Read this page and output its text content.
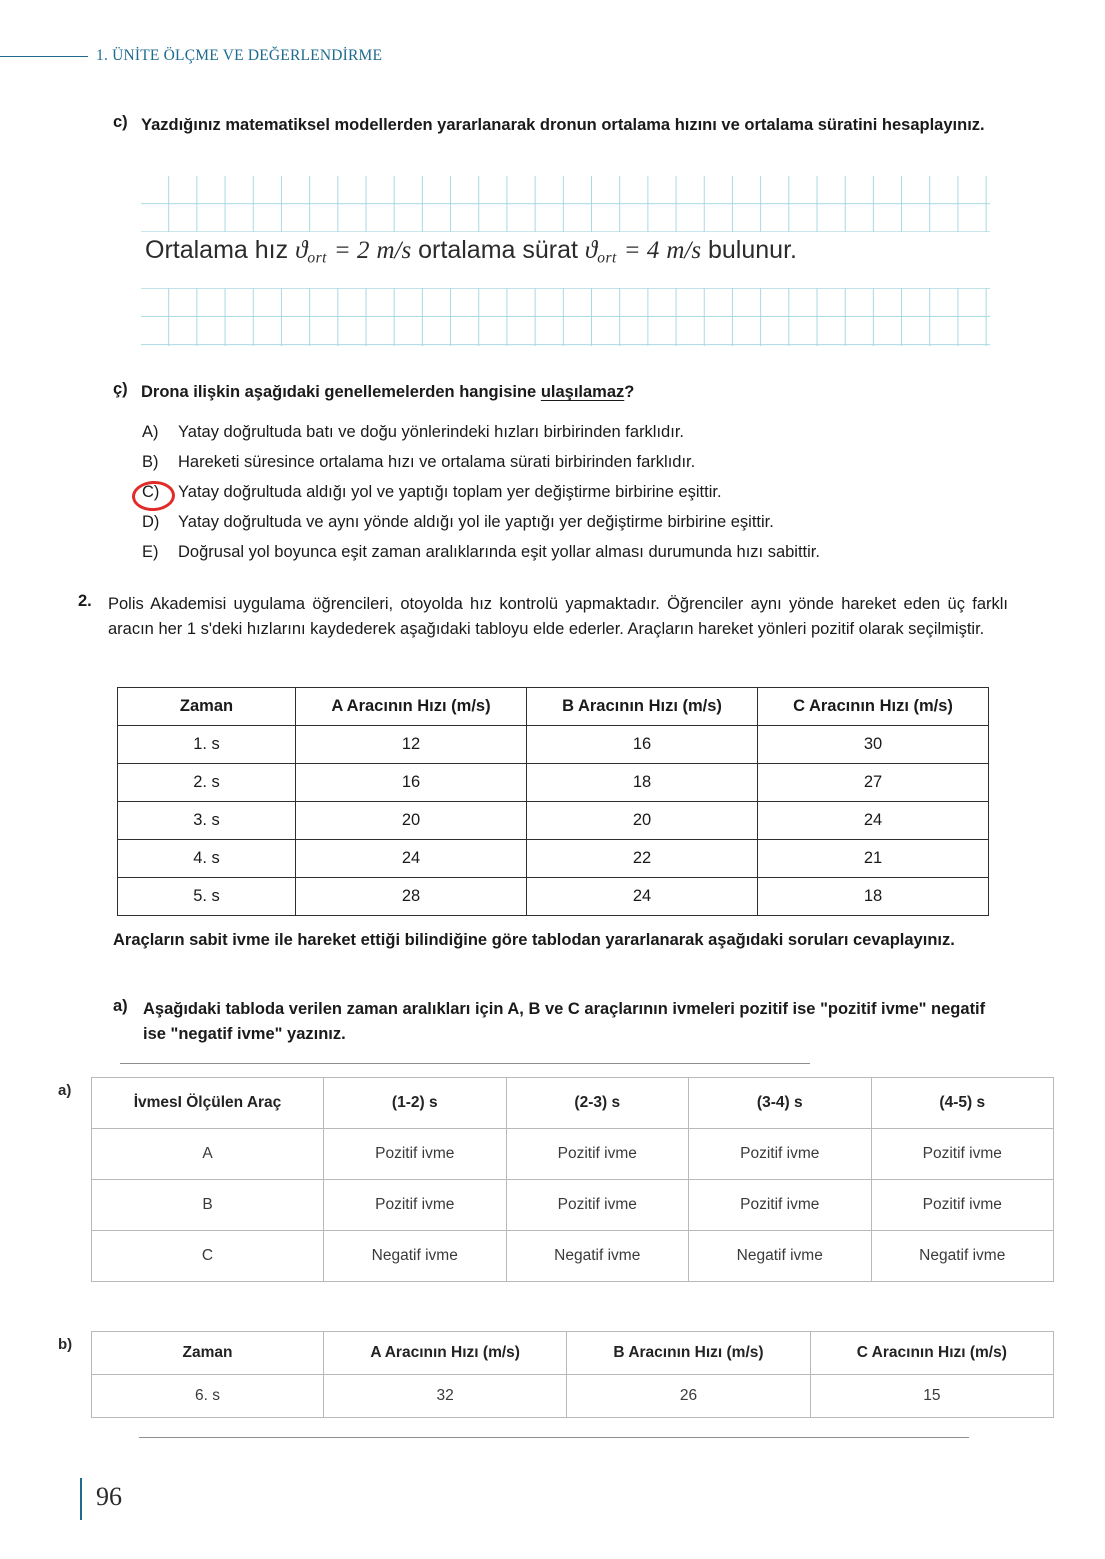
1. ÜNİTE ÖLÇME VE DEĞERLENDİRME
c) Yazdığınız matematiksel modellerden yararlanarak dronun ortalama hızını ve ortalama süratini hesaplayınız.
Ortalama hız $ϑ_{ort} = 2$ m/s ortalama sürat $ϑ_{ort} = 4$ m/s bulunur.
ç) Drona ilişkin aşağıdaki genellemelerden hangisine ulaşılamaz?
A)	Yatay doğrultuda batı ve doğu yönlerindeki hızları birbirinden farklıdır.
B)	Hareketi süresince ortalama hızı ve ortalama sürati birbirinden farklıdır.
C)	Yatay doğrultuda aldığı yol ve yaptığı toplam yer değiştirme birbirine eşittir.
D)	Yatay doğrultuda ve aynı yönde aldığı yol ile yaptığı yer değiştirme birbirine eşittir.
E)	Doğrusal yol boyunca eşit zaman aralıklarında eşit yollar alması durumunda hızı sabittir.
2. Polis Akademisi uygulama öğrencileri, otoyolda hız kontrolü yapmaktadır. Öğrenciler aynı yönde hareket eden üç farklı aracın her 1 s'deki hızlarını kaydederek aşağıdaki tabloyu elde ederler. Araçların hareket yönleri pozitif olarak seçilmiştir.
Zaman	A Aracının Hızı (m/s)	B Aracının Hızı (m/s)	C Aracının Hızı (m/s)
1. s	12	16	30
2. s	16	18	27
3. s	20	20	24
4. s	24	22	21
5. s	28	24	18
Araçların sabit ivme ile hareket ettiği bilindiğine göre tablodan yararlanarak aşağıdaki soruları cevaplayınız.
a) Aşağıdaki tabloda verilen zaman aralıkları için A, B ve C araçlarının ivmeleri pozitif ise "pozitif ivme" negatif ise "negatif ivme" yazınız.
a)
İvmesI Ölçülen Araç	(1-2) s	(2-3) s	(3-4) s	(4-5) s
A	Pozitif ivme	Pozitif ivme	Pozitif ivme	Pozitif ivme
B	Pozitif ivme	Pozitif ivme	Pozitif ivme	Pozitif ivme
C	Negatif ivme	Negatif ivme	Negatif ivme	Negatif ivme
b)	Zaman	A Aracının Hızı (m/s)	B Aracının Hızı (m/s)	C Aracının Hızı (m/s)
6. s	32	26	15
96
